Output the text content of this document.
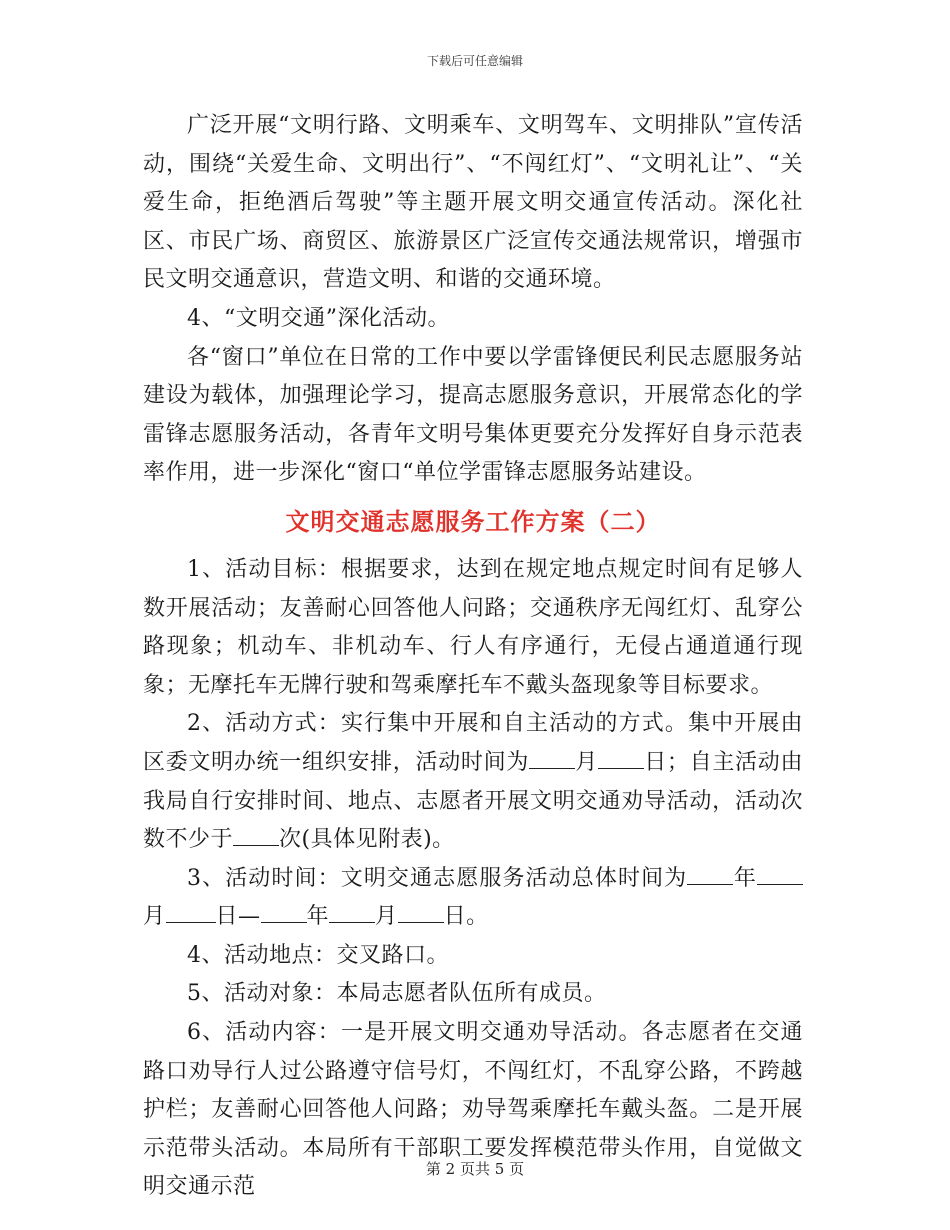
下载后可任意编辑

广泛开展“文明行路、文明乘车、文明驾车、文明排队”宣传活动，围绕“关爱生命、文明出行”、“不闯红灯”、“文明礼让”、“关爱生命，拒绝酒后驾驶”等主题开展文明交通宣传活动。深化社区、市民广场、商贸区、旅游景区广泛宣传交通法规常识，增强市民文明交通意识，营造文明、和谐的交通环境。

4、“文明交通”深化活动。

各“窗口”单位在日常的工作中要以学雷锋便民利民志愿服务站建设为载体，加强理论学习，提高志愿服务意识，开展常态化的学雷锋志愿服务活动，各青年文明号集体更要充分发挥好自身示范表率作用，进一步深化“窗口“单位学雷锋志愿服务站建设。

文明交通志愿服务工作方案（二）

1、活动目标：根据要求，达到在规定地点规定时间有足够人数开展活动；友善耐心回答他人问路；交通秩序无闯红灯、乱穿公路现象；机动车、非机动车、行人有序通行，无侵占通道通行现象；无摩托车无牌行驶和驾乘摩托车不戴头盔现象等目标要求。

2、活动方式：实行集中开展和自主活动的方式。集中开展由区委文明办统一组织安排，活动时间为 月 日；自主活动由我局自行安排时间、地点、志愿者开展文明交通劝导活动，活动次数不少于 次(具体见附表)。

3、活动时间：文明交通志愿服务活动总体时间为 年月 日— 年 月 日。

4、活动地点：交叉路口。

5、活动对象：本局志愿者队伍所有成员。

6、活动内容：一是开展文明交通劝导活动。各志愿者在交通路口劝导行人过公路遵守信号灯，不闯红灯，不乱穿公路，不跨越护栏；友善耐心回答他人问路；劝导驾乘摩托车戴头盔。二是开展示范带头活动。本局所有干部职工要发挥模范带头作用，自觉做文明交通示范

第 2 页共 5 页
